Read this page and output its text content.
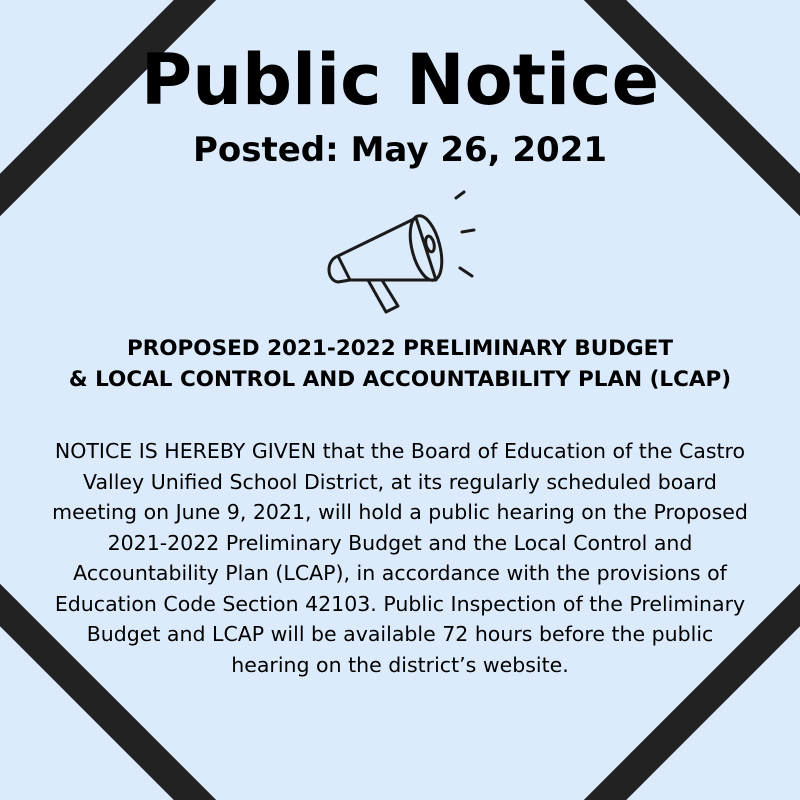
Public Notice

Posted: May 26, 2021

PROPOSED 2021-2022 PRELIMINARY BUDGET
& LOCAL CONTROL AND ACCOUNTABILITY PLAN (LCAP)
NOTICE IS HEREBY GIVEN that the Board of Education of the Castro
Valley Unified School District, at its regularly scheduled board
meeting on June 9, 2021, will hold a public hearing on the Proposed
2021-2022 Preliminary Budget and the Local Control and
Accountability Plan (LCAP), in accordance with the provisions of
Education Code Section 42103. Public Inspection of the Preliminary
Budget and LCAP will be available 72 hours before the public
hearing on the district’s website.
